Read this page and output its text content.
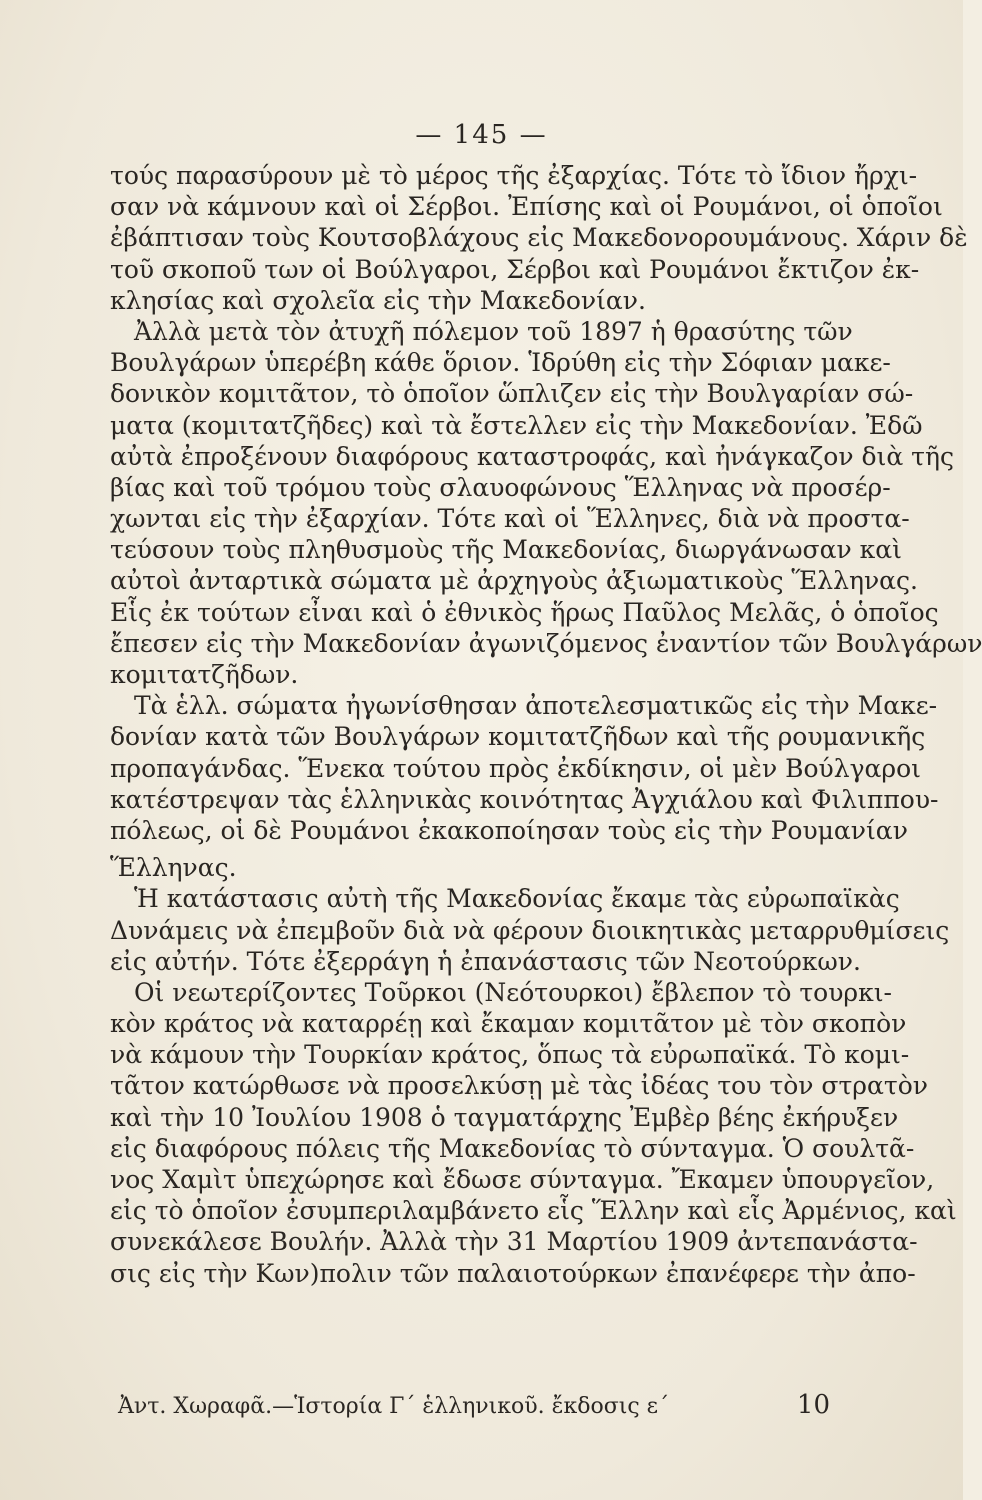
— 145 —
τούς παρασύρουν μὲ τὸ μέρος τῆς ἐξαρχίας. Τότε τὸ ἴδιον ἤρχι-
σαν νὰ κάμνουν καὶ οἱ Σέρβοι. Ἐπίσης καὶ οἱ Ρουμάνοι, οἱ ὁποῖοι
ἐβάπτισαν τοὺς Κουτσοβλάχους εἰς Μακεδονορουμάνους. Χάριν δὲ
τοῦ σκοποῦ των οἱ Βούλγαροι, Σέρβοι καὶ Ρουμάνοι ἔκτιζον ἐκ-
κλησίας καὶ σχολεῖα εἰς τὴν Μακεδονίαν.
Ἀλλὰ μετὰ τὸν ἀτυχῆ πόλεμον τοῦ 1897 ἡ θρασύτης τῶν
Βουλγάρων ὑπερέβη κάθε ὅριον. Ἱδρύθη εἰς τὴν Σόφιαν μακε-
δονικὸν κομιτᾶτον, τὸ ὁποῖον ὥπλιζεν εἰς τὴν Βουλγαρίαν σώ-
ματα (κομιτατζῆδες) καὶ τὰ ἔστελλεν εἰς τὴν Μακεδονίαν. Ἐδῶ
αὐτὰ ἐπροξένουν διαφόρους καταστροφάς, καὶ ἠνάγκαζον διὰ τῆς
βίας καὶ τοῦ τρόμου τοὺς σλαυοφώνους Ἕλληνας νὰ προσέρ-
χωνται εἰς τὴν ἐξαρχίαν. Τότε καὶ οἱ Ἕλληνες, διὰ νὰ προστα-
τεύσουν τοὺς πληθυσμοὺς τῆς Μακεδονίας, διωργάνωσαν καὶ
αὐτοὶ ἀνταρτικὰ σώματα μὲ ἀρχηγοὺς ἀξιωματικοὺς Ἕλληνας.
Εἷς ἐκ τούτων εἶναι καὶ ὁ ἐθνικὸς ἥρως Παῦλος Μελᾶς, ὁ ὁποῖος
ἔπεσεν εἰς τὴν Μακεδονίαν ἀγωνιζόμενος ἐναντίον τῶν Βουλγάρων
κομιτατζῆδων.
Τὰ ἑλλ. σώματα ἠγωνίσθησαν ἀποτελεσματικῶς εἰς τὴν Μακε-
δονίαν κατὰ τῶν Βουλγάρων κομιτατζῆδων καὶ τῆς ρουμανικῆς
προπαγάνδας. Ἕνεκα τούτου πρὸς ἐκδίκησιν, οἱ μὲν Βούλγαροι
κατέστρεψαν τὰς ἑλληνικὰς κοινότητας Ἀγχιάλου καὶ Φιλιππου-
πόλεως, οἱ δὲ Ρουμάνοι ἐκακοποίησαν τοὺς εἰς τὴν Ρουμανίαν
Ἕλληνας.
Ἡ κατάστασις αὐτὴ τῆς Μακεδονίας ἔκαμε τὰς εὐρωπαϊκὰς
Δυνάμεις νὰ ἐπεμβοῦν διὰ νὰ φέρουν διοικητικὰς μεταρρυθμίσεις
εἰς αὐτήν. Τότε ἐξερράγη ἡ ἐπανάστασις τῶν Νεοτούρκων.
Οἱ νεωτερίζοντες Τοῦρκοι (Νεότουρκοι) ἔβλεπον τὸ τουρκι-
κὸν κράτος νὰ καταρρέῃ καὶ ἔκαμαν κομιτᾶτον μὲ τὸν σκοπὸν
νὰ κάμουν τὴν Τουρκίαν κράτος, ὅπως τὰ εὐρωπαϊκά. Τὸ κομι-
τᾶτον κατώρθωσε νὰ προσελκύσῃ μὲ τὰς ἰδέας του τὸν στρατὸν
καὶ τὴν 10 Ἰουλίου 1908 ὁ ταγματάρχης Ἐμβὲρ βέης ἐκήρυξεν
εἰς διαφόρους πόλεις τῆς Μακεδονίας τὸ σύνταγμα. Ὁ σουλτᾶ-
νος Χαμὶτ ὑπεχώρησε καὶ ἔδωσε σύνταγμα. Ἔκαμεν ὑπουργεῖον,
εἰς τὸ ὁποῖον ἐσυμπεριλαμβάνετο εἷς Ἕλλην καὶ εἷς Ἀρμένιος, καὶ
συνεκάλεσε Βουλήν. Ἀλλὰ τὴν 31 Μαρτίου 1909 ἀντεπανάστα-
σις εἰς τὴν Κων)πολιν τῶν παλαιοτούρκων ἐπανέφερε τὴν ἀπο-
Ἀντ. Χωραφᾶ.—Ἱστορία Γ´ ἑλληνικοῦ. ἔκδοσις ε´	10
